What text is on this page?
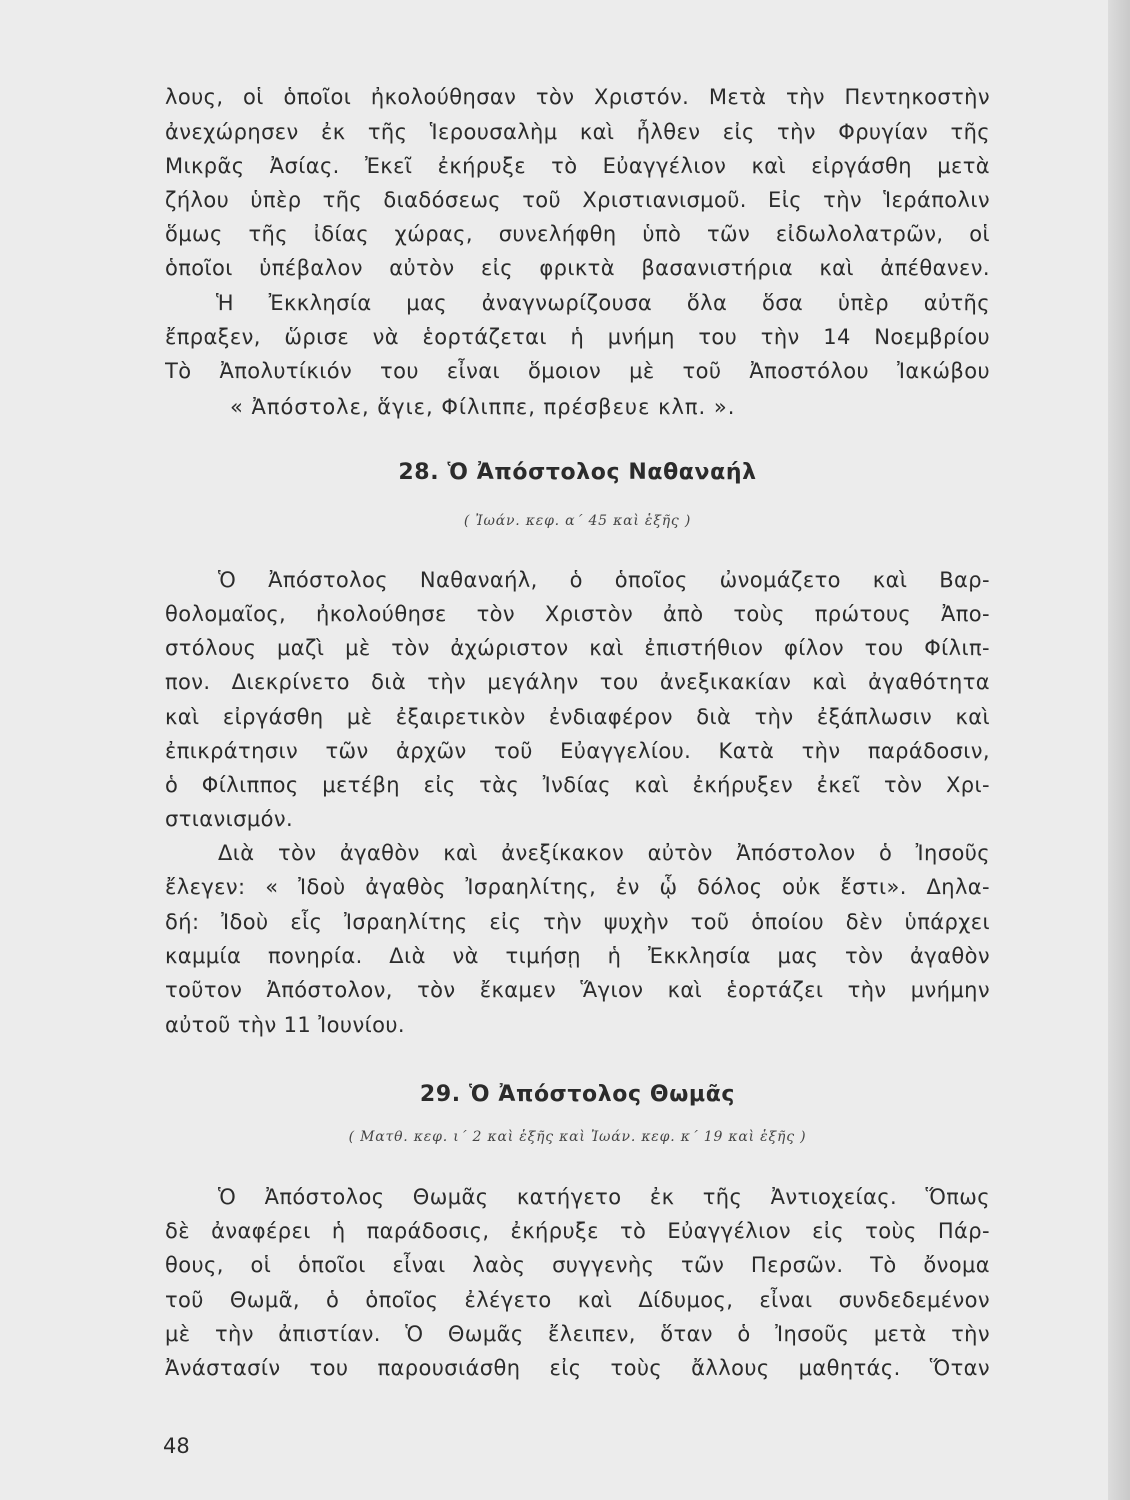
λους, οἱ ὁποῖοι ἠκολούθησαν τὸν Χριστόν. Μετὰ τὴν Πεντηκοστὴν

ἀνεχώρησεν ἐκ τῆς Ἱερουσαλὴμ καὶ ἦλθεν εἰς τὴν Φρυγίαν τῆς

Μικρᾶς Ἀσίας. Ἐκεῖ ἐκήρυξε τὸ Εὐαγγέλιον καὶ εἰργάσθη μετὰ

ζήλου ὑπὲρ τῆς διαδόσεως τοῦ Χριστιανισμοῦ. Εἰς τὴν Ἱεράπολιν

ὅμως τῆς ἰδίας χώρας, συνελήφθη ὑπὸ τῶν εἰδωλολατρῶν, οἱ

ὁποῖοι ὑπέβαλον αὐτὸν εἰς φρικτὰ βασανιστήρια καὶ ἀπέθανεν.

Ἡ Ἐκκλησία μας ἀναγνωρίζουσα ὅλα ὅσα ὑπὲρ αὐτῆς

ἔπραξεν, ὥρισε νὰ ἑορτάζεται ἡ μνήμη του τὴν 14 Νοεμβρίου

Τὸ Ἀπολυτίκιόν του εἶναι ὅμοιον μὲ τοῦ Ἀποστόλου Ἰακώβου

« Ἀπόστολε, ἅγιε, Φίλιππε, πρέσβευε κλπ. ».

28. Ὁ Ἀπόστολος Ναθαναήλ
( Ἰωάν. κεφ. α΄ 45 καὶ ἑξῆς )

Ὁ Ἀπόστολος Ναθαναήλ, ὁ ὁποῖος ὠνομάζετο καὶ Βαρ-

θολομαῖος, ἠκολούθησε τὸν Χριστὸν ἀπὸ τοὺς πρώτους Ἀπο-

στόλους μαζὶ μὲ τὸν ἀχώριστον καὶ ἐπιστήθιον φίλον του Φίλιπ-

πον. Διεκρίνετο διὰ τὴν μεγάλην του ἀνεξικακίαν καὶ ἀγαθότητα

καὶ εἰργάσθη μὲ ἐξαιρετικὸν ἐνδιαφέρον διὰ τὴν ἐξάπλωσιν καὶ

ἐπικράτησιν τῶν ἀρχῶν τοῦ Εὐαγγελίου. Κατὰ τὴν παράδοσιν,

ὁ Φίλιππος μετέβη εἰς τὰς Ἰνδίας καὶ ἐκήρυξεν ἐκεῖ τὸν Χρι-

στιανισμόν.

Διὰ τὸν ἀγαθὸν καὶ ἀνεξίκακον αὐτὸν Ἀπόστολον ὁ Ἰησοῦς

ἔλεγεν: « Ἰδοὺ ἀγαθὸς Ἰσραηλίτης, ἐν ᾧ δόλος οὐκ ἔστι». Δηλα-

δή: Ἰδοὺ εἷς Ἰσραηλίτης εἰς τὴν ψυχὴν τοῦ ὁποίου δὲν ὑπάρχει

καμμία πονηρία. Διὰ νὰ τιμήσῃ ἡ Ἐκκλησία μας τὸν ἀγαθὸν

τοῦτον Ἀπόστολον, τὸν ἔκαμεν Ἅγιον καὶ ἑορτάζει τὴν μνήμην

αὐτοῦ τὴν 11 Ἰουνίου.

29. Ὁ Ἀπόστολος Θωμᾶς
( Ματθ. κεφ. ι΄ 2 καὶ ἑξῆς καὶ Ἰωάν. κεφ. κ΄ 19 καὶ ἑξῆς )

Ὁ Ἀπόστολος Θωμᾶς κατήγετο ἐκ τῆς Ἀντιοχείας. Ὅπως

δὲ ἀναφέρει ἡ παράδοσις, ἐκήρυξε τὸ Εὐαγγέλιον εἰς τοὺς Πάρ-

θους, οἱ ὁποῖοι εἶναι λαὸς συγγενὴς τῶν Περσῶν. Τὸ ὄνομα

τοῦ Θωμᾶ, ὁ ὁποῖος ἐλέγετο καὶ Δίδυμος, εἶναι συνδεδεμένον

μὲ τὴν ἀπιστίαν. Ὁ Θωμᾶς ἔλειπεν, ὅταν ὁ Ἰησοῦς μετὰ τὴν

Ἀνάστασίν του παρουσιάσθη εἰς τοὺς ἄλλους μαθητάς. Ὅταν

48
